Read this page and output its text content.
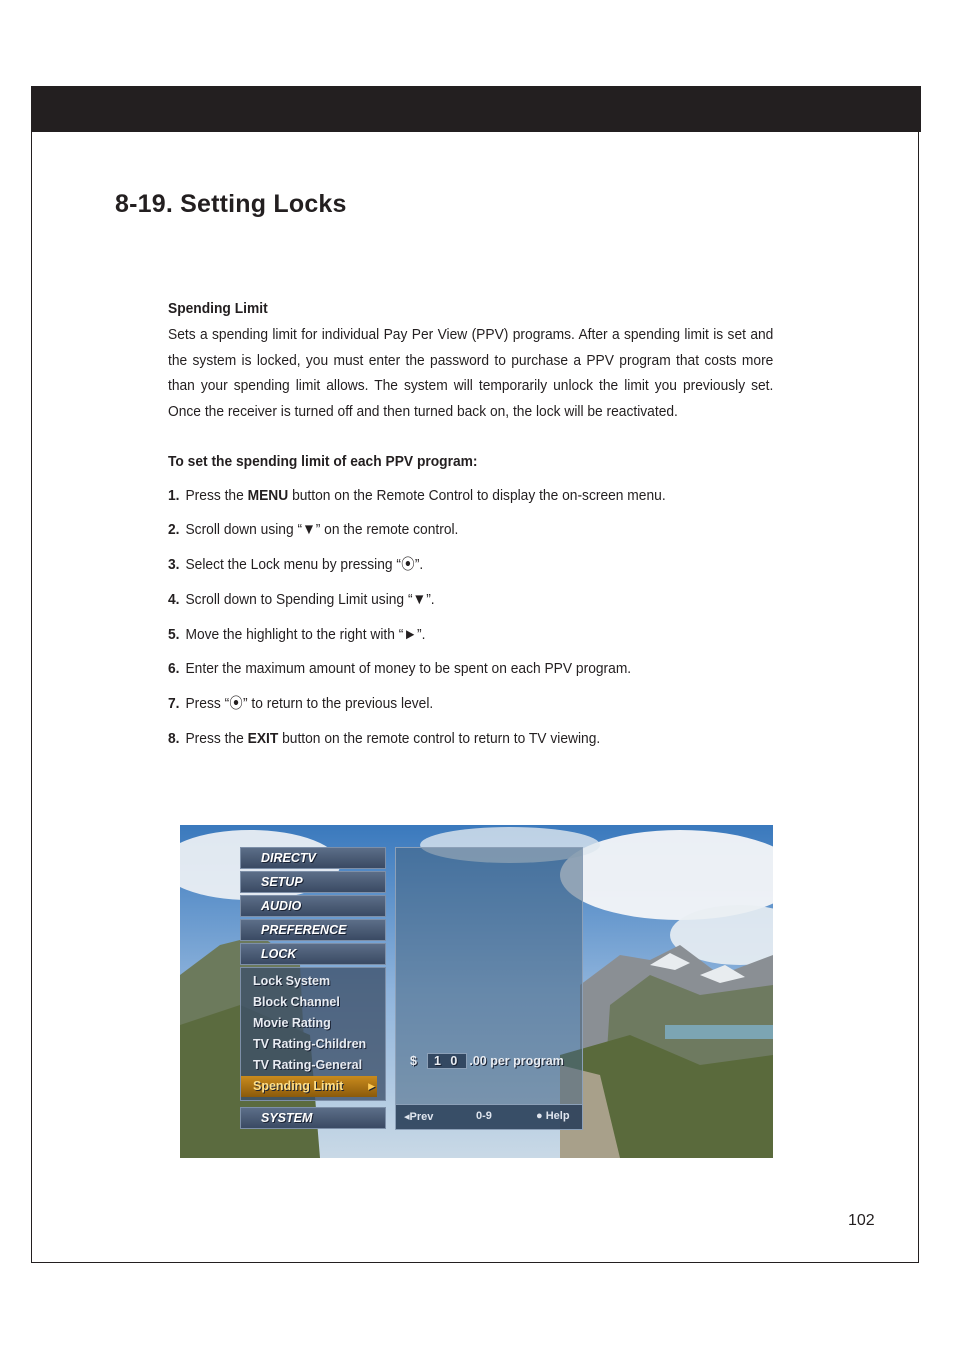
8-19. Setting Locks

Spending Limit

Sets a spending limit for individual Pay Per View (PPV) programs. After a spending limit is set and the system is locked, you must enter the password to purchase a PPV program that costs more than your spending limit allows. The system will temporarily unlock the limit you previously set. Once the receiver is turned off and then turned back on, the lock will be reactivated.

To set the spending limit of each PPV program:

1. Press the MENU button on the Remote Control to display the on-screen menu.
2. Scroll down using “▼” on the remote control.
3. Select the Lock menu by pressing “⦿”.
4. Scroll down to Spending Limit using “▼”.
5. Move the highlight to the right with “►”.
6. Enter the maximum amount of money to be spent on each PPV program.
7. Press “⦿” to return to the previous level.
8. Press the EXIT button on the remote control to return to TV viewing.
DIRECTV
SETUP
AUDIO
PREFERENCE
LOCK
Lock System
Block Channel
Movie Rating
TV Rating-Children
TV Rating-General
Spending Limit	▶
SYSTEM
$ 1 0 .00 per program
◂Prev	0-9	● Help
102
